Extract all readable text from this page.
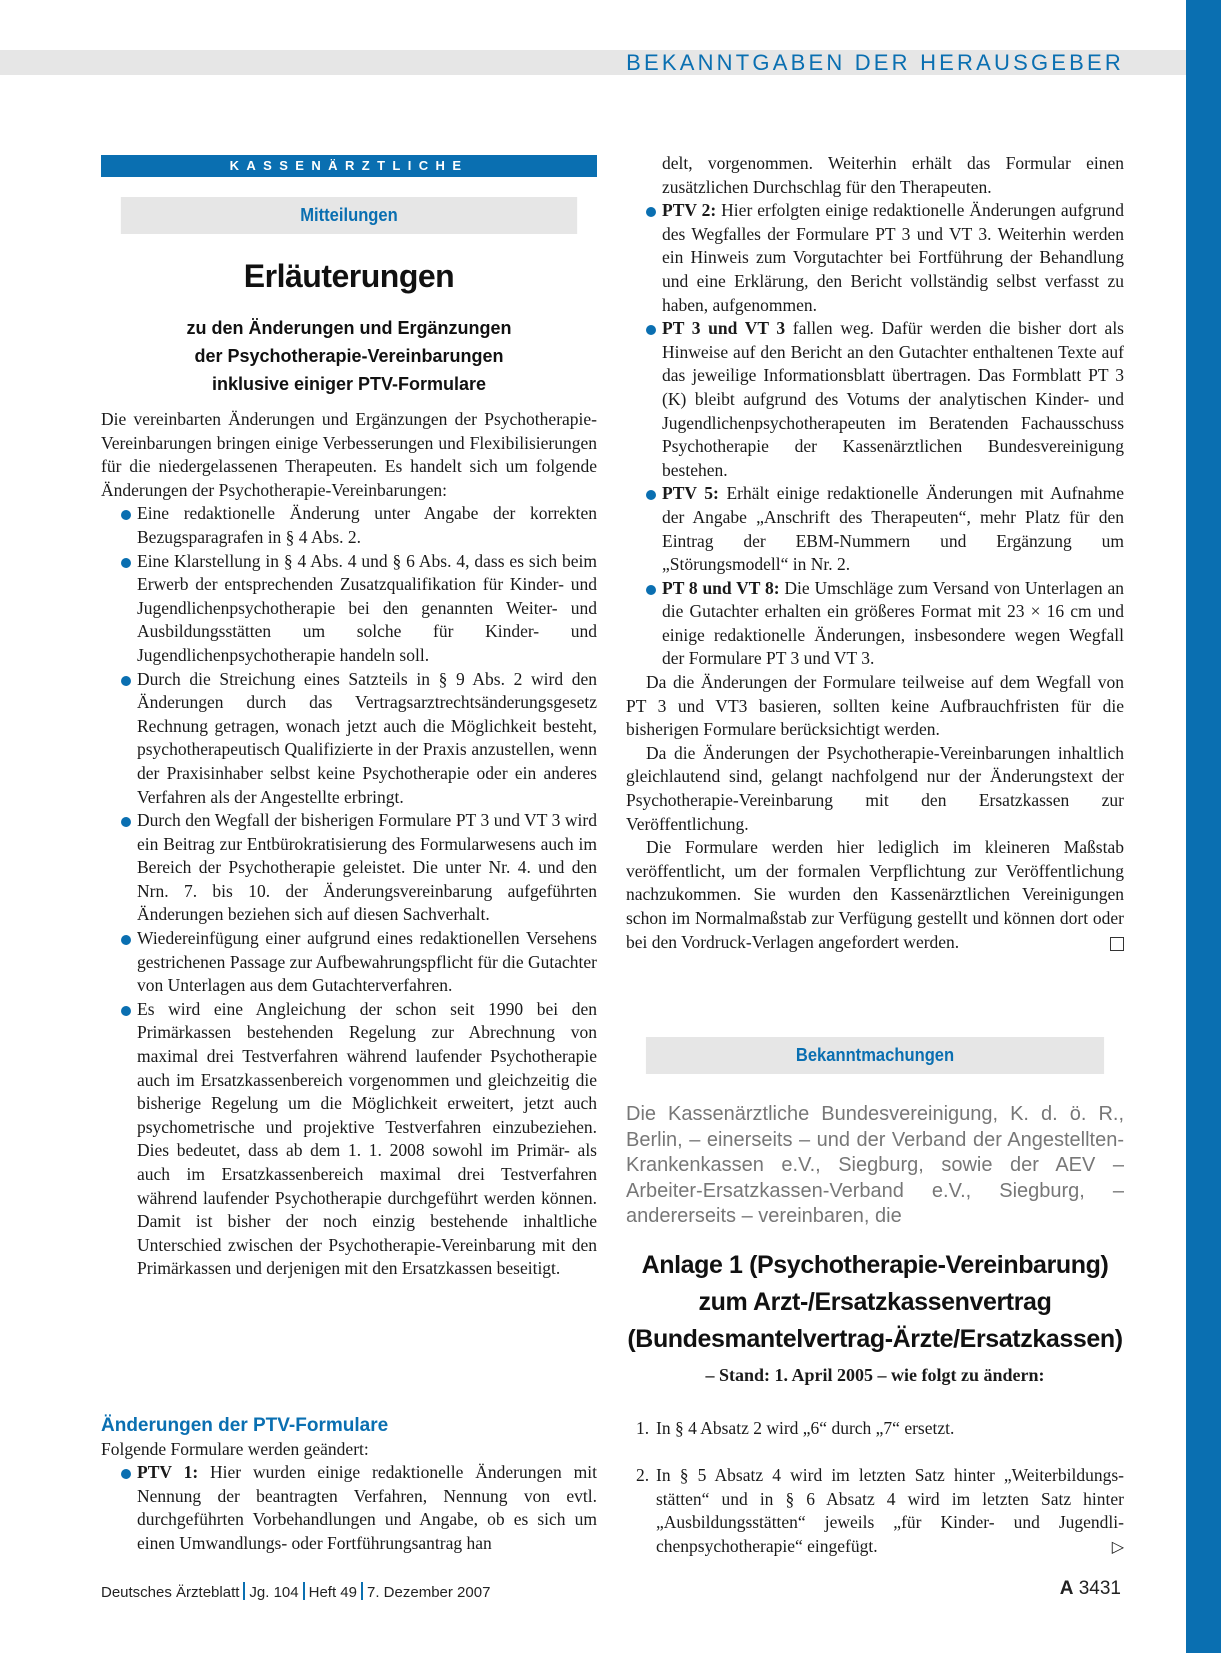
BEKANNTGABEN DER HERAUSGEBER
KASSENÄRZTLICHE BUNDESVEREINIGUNG
Mitteilungen
Erläuterungen
zu den Änderungen und Ergänzungen
der Psychotherapie-Vereinbarungen
inklusive einiger PTV-Formulare
Die vereinbarten Änderungen und Ergänzungen der Psychotherapie-Vereinbarungen bringen einige Verbesserungen und Flexibilisierungen für die niedergelassenen Therapeuten. Es handelt sich um folgende Änderungen der Psychotherapie-Vereinbarungen:
Eine redaktionelle Änderung unter Angabe der korrekten Bezugsparagrafen in § 4 Abs. 2.
Eine Klarstellung in § 4 Abs. 4 und § 6 Abs. 4, dass es sich beim Erwerb der entsprechenden Zusatzqualifikation für Kinder- und Jugendlichenpsychotherapie bei den genannten Weiter- und Ausbildungsstätten um solche für Kinder- und Jugendlichenpsychotherapie handeln soll.
Durch die Streichung eines Satzteils in § 9 Abs. 2 wird den Änderungen durch das Vertragsarztrechtsänderungsgesetz Rechnung getragen, wonach jetzt auch die Möglichkeit besteht, psychotherapeutisch Qualifizierte in der Praxis anzustellen, wenn der Praxisinhaber selbst keine Psychotherapie oder ein anderes Verfahren als der Angestellte erbringt.
Durch den Wegfall der bisherigen Formulare PT 3 und VT 3 wird ein Beitrag zur Entbürokratisierung des Formularwesens auch im Bereich der Psychotherapie geleistet. Die unter Nr. 4. und den Nrn. 7. bis 10. der Änderungsvereinbarung aufgeführten Änderungen beziehen sich auf diesen Sachverhalt.
Wiedereinfügung einer aufgrund eines redaktionellen Versehens gestrichenen Passage zur Aufbewahrungspflicht für die Gutachter von Unterlagen aus dem Gutachterverfahren.
Es wird eine Angleichung der schon seit 1990 bei den Primärkassen bestehenden Regelung zur Abrechnung von maximal drei Testverfahren während laufender Psychotherapie auch im Ersatzkassenbereich vorgenommen und gleichzeitig die bisherige Regelung um die Möglichkeit erweitert, jetzt auch psychometrische und projektive Testverfahren einzubeziehen. Dies bedeutet, dass ab dem 1. 1. 2008 sowohl im Primär- als auch im Ersatzkassenbereich maximal drei Testverfahren während laufender Psychotherapie durchgeführt werden können. Damit ist bisher der noch einzig bestehende inhaltliche Unterschied zwischen der Psychotherapie-Vereinbarung mit den Primärkassen und derjenigen mit den Ersatzkassen beseitigt.
Änderungen der PTV-Formulare
Folgende Formulare werden geändert:
PTV 1: Hier wurden einige redaktionelle Änderungen mit Nennung der beantragten Verfahren, Nennung von evtl. durchgeführten Vorbehandlungen und Angabe, ob es sich um einen Umwandlungs- oder Fortführungsantrag han
delt, vorgenommen. Weiterhin erhält das Formular einen zusätzlichen Durchschlag für den Therapeuten.
PTV 2: Hier erfolgten einige redaktionelle Änderungen aufgrund des Wegfalles der Formulare PT 3 und VT 3. Weiterhin werden ein Hinweis zum Vorgutachter bei Fortführung der Behandlung und eine Erklärung, den Bericht vollständig selbst verfasst zu haben, aufgenommen.
PT 3 und VT 3 fallen weg. Dafür werden die bisher dort als Hinweise auf den Bericht an den Gutachter enthaltenen Texte auf das jeweilige Informationsblatt übertragen. Das Formblatt PT 3 (K) bleibt aufgrund des Votums der analytischen Kinder- und Jugendlichenpsychotherapeuten im Beratenden Fachausschuss Psychotherapie der Kassenärztlichen Bundesvereinigung bestehen.
PTV 5: Erhält einige redaktionelle Änderungen mit Aufnahme der Angabe „Anschrift des Therapeuten“, mehr Platz für den Eintrag der EBM-Nummern und Ergänzung um „Störungsmodell“ in Nr. 2.
PT 8 und VT 8: Die Umschläge zum Versand von Unterlagen an die Gutachter erhalten ein größeres Format mit 23 × 16 cm und einige redaktionelle Änderungen, insbesondere wegen Wegfall der Formulare PT 3 und VT 3.
Da die Änderungen der Formulare teilweise auf dem Wegfall von PT 3 und VT3 basieren, sollten keine Aufbrauchfristen für die bisherigen Formulare berücksichtigt werden.
Da die Änderungen der Psychotherapie-Vereinbarungen inhaltlich gleichlautend sind, gelangt nachfolgend nur der Änderungstext der Psychotherapie-Vereinbarung mit den Ersatzkassen zur Veröffentlichung.
Die Formulare werden hier lediglich im kleineren Maßstab veröffentlicht, um der formalen Verpflichtung zur Veröffentlichung nachzukommen. Sie wurden den Kassenärztlichen Vereinigungen schon im Normalmaßstab zur Verfügung gestellt und können dort oder bei den Vordruck-Verlagen angefordert werden.
Bekanntmachungen
Die Kassenärztliche Bundesvereinigung, K. d. ö. R., Berlin, – einerseits – und der Verband der Angestellten-Krankenkassen e.V., Siegburg, sowie der AEV – Arbeiter-Ersatzkassen-Verband e.V., Siegburg, – andererseits – vereinbaren, die
Anlage 1 (Psychotherapie-Vereinbarung)
zum Arzt-/Ersatzkassenvertrag
(Bundesmantelvertrag-Ärzte/Ersatzkassen)
– Stand: 1. April 2005 – wie folgt zu ändern:
1. In § 4 Absatz 2 wird „6“ durch „7“ ersetzt.
2. In § 5 Absatz 4 wird im letzten Satz hinter „Weiterbildungsstätten“ und in § 6 Absatz 4 wird im letzten Satz hinter „Ausbildungsstätten“ jeweils „für Kinder- und Jugendlichenpsychotherapie“ eingefügt.	▷
Deutsches Ärzteblatt Jg. 104 Heft 49 7. Dezember 2007	A 3431
